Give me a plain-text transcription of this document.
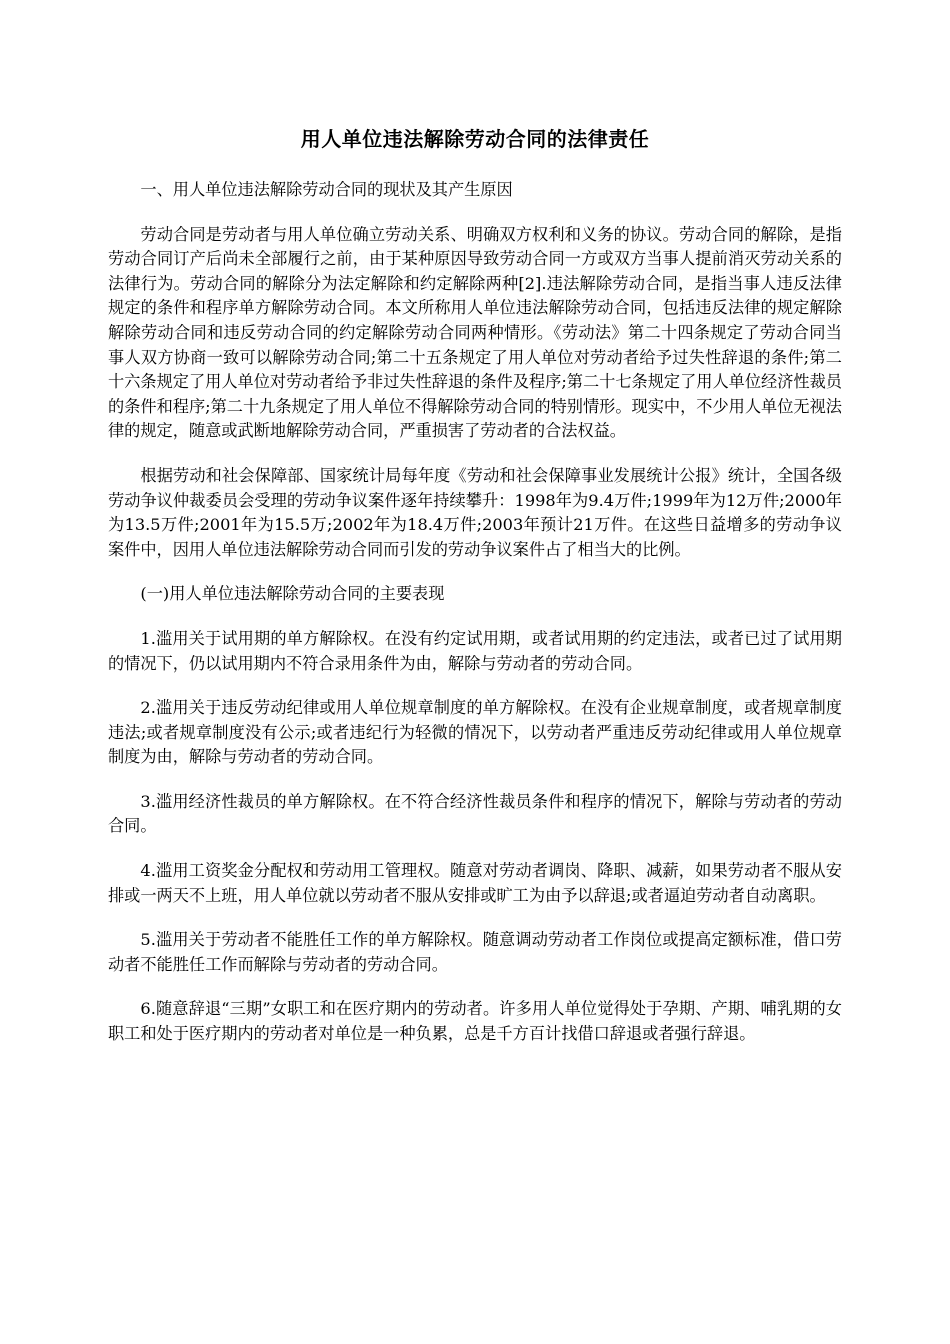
用人单位违法解除劳动合同的法律责任

一、用人单位违法解除劳动合同的现状及其产生原因

劳动合同是劳动者与用人单位确立劳动关系、明确双方权利和义务的协议。劳动合同的解除，是指劳动合同订产后尚未全部履行之前，由于某种原因导致劳动合同一方或双方当事人提前消灭劳动关系的法律行为。劳动合同的解除分为法定解除和约定解除两种[2].违法解除劳动合同，是指当事人违反法律规定的条件和程序单方解除劳动合同。本文所称用人单位违法解除劳动合同，包括违反法律的规定解除解除劳动合同和违反劳动合同的约定解除劳动合同两种情形。《劳动法》第二十四条规定了劳动合同当事人双方协商一致可以解除劳动合同;第二十五条规定了用人单位对劳动者给予过失性辞退的条件;第二十六条规定了用人单位对劳动者给予非过失性辞退的条件及程序;第二十七条规定了用人单位经济性裁员的条件和程序;第二十九条规定了用人单位不得解除劳动合同的特别情形。现实中，不少用人单位无视法律的规定，随意或武断地解除劳动合同，严重损害了劳动者的合法权益。

根据劳动和社会保障部、国家统计局每年度《劳动和社会保障事业发展统计公报》统计，全国各级劳动争议仲裁委员会受理的劳动争议案件逐年持续攀升：1998年为9.4万件;1999年为12万件;2000年为13.5万件;2001年为15.5万;2002年为18.4万件;2003年预计21万件。在这些日益增多的劳动争议案件中，因用人单位违法解除劳动合同而引发的劳动争议案件占了相当大的比例。

(一)用人单位违法解除劳动合同的主要表现

1.滥用关于试用期的单方解除权。在没有约定试用期，或者试用期的约定违法，或者已过了试用期的情况下，仍以试用期内不符合录用条件为由，解除与劳动者的劳动合同。

2.滥用关于违反劳动纪律或用人单位规章制度的单方解除权。在没有企业规章制度，或者规章制度违法;或者规章制度没有公示;或者违纪行为轻微的情况下，以劳动者严重违反劳动纪律或用人单位规章制度为由，解除与劳动者的劳动合同。

3.滥用经济性裁员的单方解除权。在不符合经济性裁员条件和程序的情况下，解除与劳动者的劳动合同。

4.滥用工资奖金分配权和劳动用工管理权。随意对劳动者调岗、降职、减薪，如果劳动者不服从安排或一两天不上班，用人单位就以劳动者不服从安排或旷工为由予以辞退;或者逼迫劳动者自动离职。

5.滥用关于劳动者不能胜任工作的单方解除权。随意调动劳动者工作岗位或提高定额标准，借口劳动者不能胜任工作而解除与劳动者的劳动合同。

6.随意辞退“三期”女职工和在医疗期内的劳动者。许多用人单位觉得处于孕期、产期、哺乳期的女职工和处于医疗期内的劳动者对单位是一种负累，总是千方百计找借口辞退或者强行辞退。
